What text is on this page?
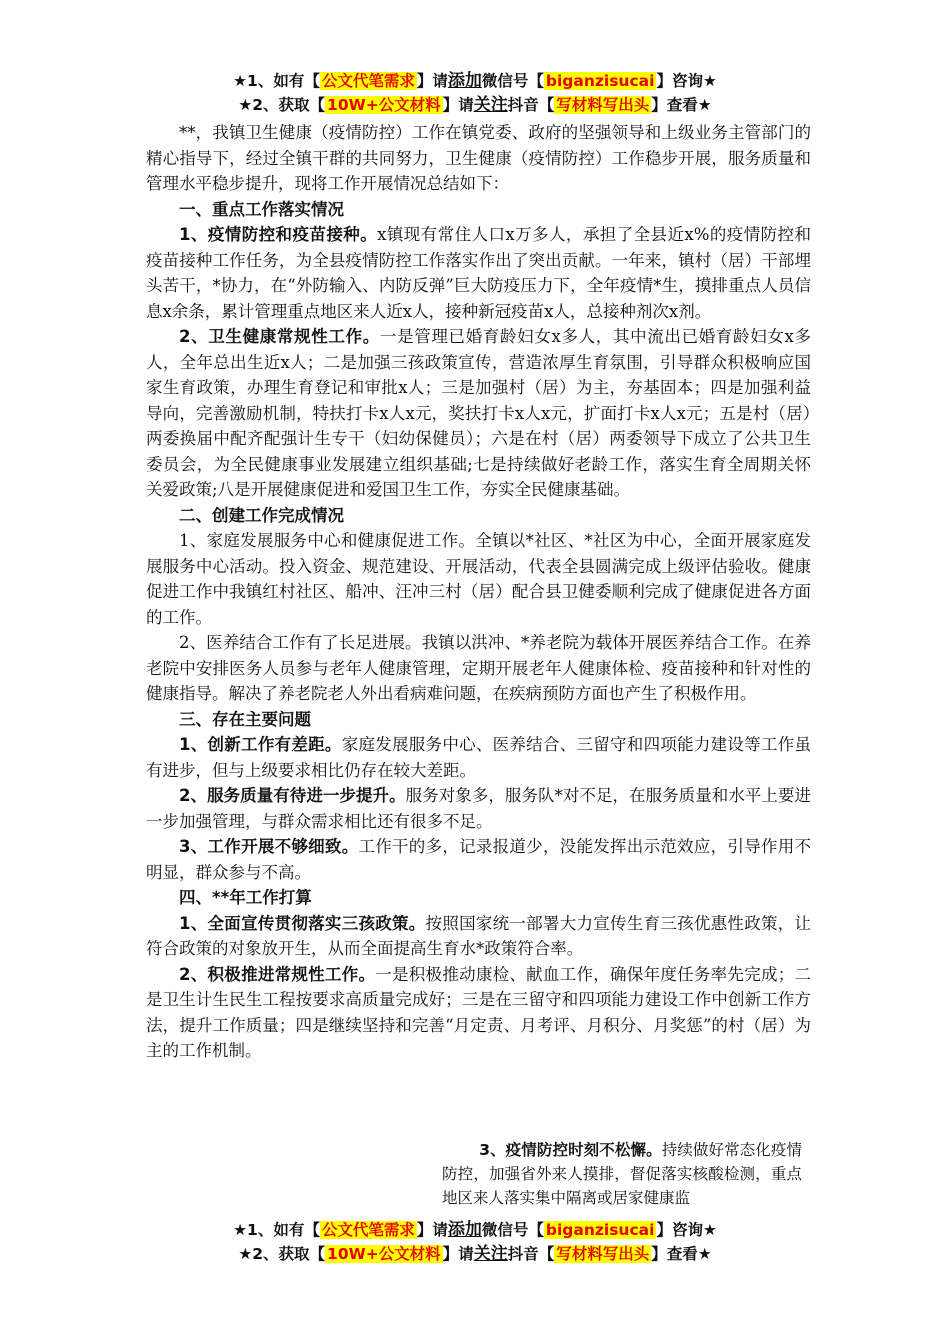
★1、如有【 公文代笔需求 】请添加微信号【 biganzisucai 】咨询★
★2、获取【 10W+公文材料 】请关注抖音【 写材料写出头 】查看★

**，我镇卫生健康（疫情防控）工作在镇党委、政府的坚强领导和上级业务主管部门的精心指导下，经过全镇干群的共同努力，卫生健康（疫情防控）工作稳步开展，服务质量和管理水平稳步提升，现将工作开展情况总结如下：

一、重点工作落实情况

1、疫情防控和疫苗接种。x镇现有常住人口x万多人，承担了全县近x%的疫情防控和疫苗接种工作任务，为全县疫情防控工作落实作出了突出贡献。一年来，镇村（居）干部埋头苦干，*协力，在“外防输入、内防反弹”巨大防疫压力下，全年疫情*生，摸排重点人员信息x余条，累计管理重点地区来人近x人，接种新冠疫苗x人，总接种剂次x剂。

2、卫生健康常规性工作。一是管理已婚育龄妇女x多人，其中流出已婚育龄妇女x多人，全年总出生近x人；二是加强三孩政策宣传，营造浓厚生育氛围，引导群众积极响应国家生育政策，办理生育登记和审批x人；三是加强村（居）为主，夯基固本；四是加强利益导向，完善激励机制，特扶打卡x人x元，奖扶打卡x人x元，扩面打卡x人x元；五是村（居）两委换届中配齐配强计生专干（妇幼保健员）；六是在村（居）两委领导下成立了公共卫生委员会，为全民健康事业发展建立组织基础;七是持续做好老龄工作，落实生育全周期关怀关爱政策;八是开展健康促进和爱国卫生工作，夯实全民健康基础。

二、创建工作完成情况

1、家庭发展服务中心和健康促进工作。全镇以*社区、*社区为中心，全面开展家庭发展服务中心活动。投入资金、规范建设、开展活动，代表全县圆满完成上级评估验收。健康促进工作中我镇红村社区、船冲、汪冲三村（居）配合县卫健委顺利完成了健康促进各方面的工作。

2、医养结合工作有了长足进展。我镇以洪冲、*养老院为载体开展医养结合工作。在养老院中安排医务人员参与老年人健康管理，定期开展老年人健康体检、疫苗接种和针对性的健康指导。解决了养老院老人外出看病难问题，在疾病预防方面也产生了积极作用。

三、存在主要问题

1、创新工作有差距。家庭发展服务中心、医养结合、三留守和四项能力建设等工作虽有进步，但与上级要求相比仍存在较大差距。

2、服务质量有待进一步提升。服务对象多，服务队*对不足，在服务质量和水平上要进一步加强管理，与群众需求相比还有很多不足。

3、工作开展不够细致。工作干的多，记录报道少，没能发挥出示范效应，引导作用不明显，群众参与不高。

四、**年工作打算

1、全面宣传贯彻落实三孩政策。按照国家统一部署大力宣传生育三孩优惠性政策，让符合政策的对象放开生，从而全面提高生育水*政策符合率。

2、积极推进常规性工作。一是积极推动康检、献血工作，确保年度任务率先完成；二是卫生计生民生工程按要求高质量完成好；三是在三留守和四项能力建设工作中创新工作方法，提升工作质量；四是继续坚持和完善“月定责、月考评、月积分、月奖惩”的村（居）为主的工作机制。

3、疫情防控时刻不松懈。持续做好常态化疫情防控，加强省外来人摸排，督促落实核酸检测，重点地区来人落实集中隔离或居家健康监

★1、如有【 公文代笔需求 】请添加微信号【 biganzisucai 】咨询★
★2、获取【 10W+公文材料 】请关注抖音【 写材料写出头 】查看★
